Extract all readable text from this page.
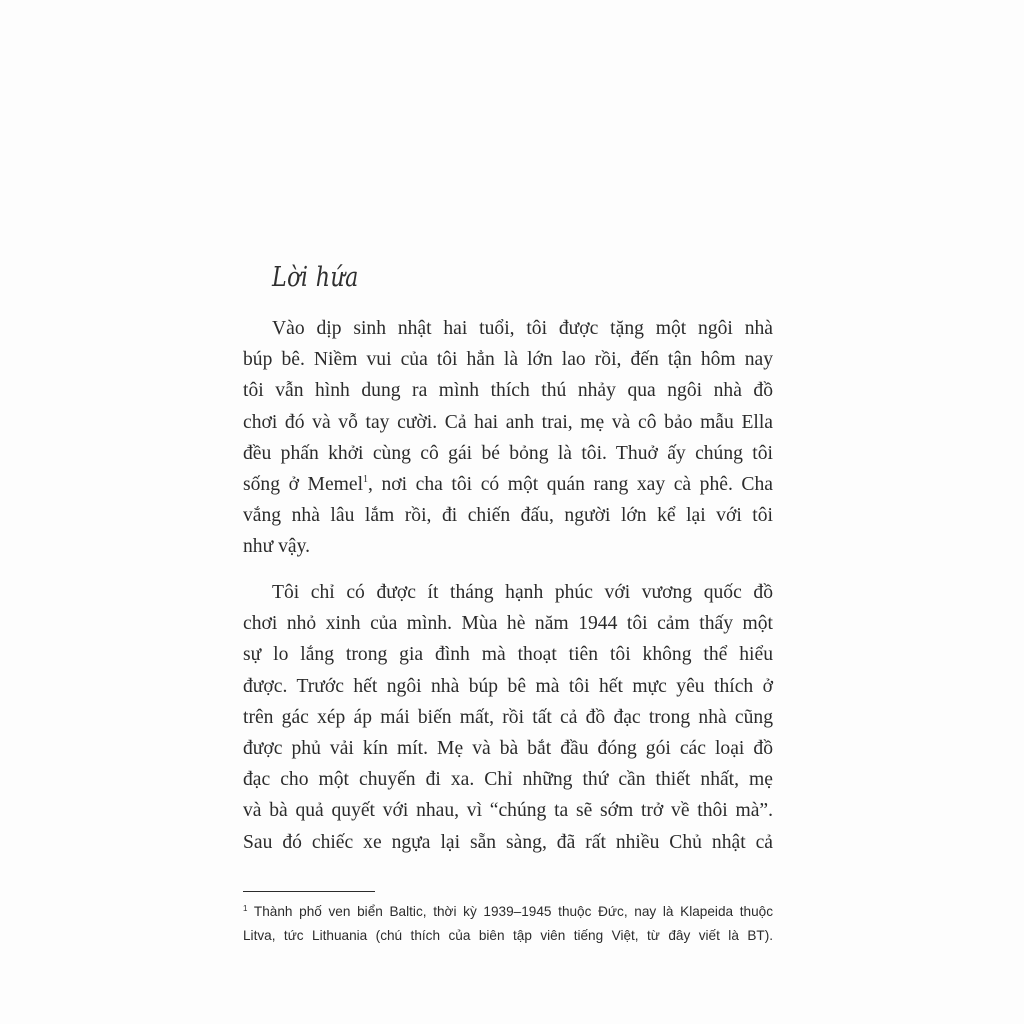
Lời hứa
Vào dịp sinh nhật hai tuổi, tôi được tặng một ngôi nhà
búp bê. Niềm vui của tôi hẳn là lớn lao rồi, đến tận hôm nay
tôi vẫn hình dung ra mình thích thú nhảy qua ngôi nhà đồ
chơi đó và vỗ tay cười. Cả hai anh trai, mẹ và cô bảo mẫu Ella
đều phấn khởi cùng cô gái bé bỏng là tôi. Thuở ấy chúng tôi
sống ở Memel$^1$, nơi cha tôi có một quán rang xay cà phê. Cha
vắng nhà lâu lắm rồi, đi chiến đấu, người lớn kể lại với tôi
như vậy.
Tôi chỉ có được ít tháng hạnh phúc với vương quốc đồ
chơi nhỏ xinh của mình. Mùa hè năm 1944 tôi cảm thấy một
sự lo lắng trong gia đình mà thoạt tiên tôi không thể hiểu
được. Trước hết ngôi nhà búp bê mà tôi hết mực yêu thích ở
trên gác xép áp mái biến mất, rồi tất cả đồ đạc trong nhà cũng
được phủ vải kín mít. Mẹ và bà bắt đầu đóng gói các loại đồ
đạc cho một chuyến đi xa. Chỉ những thứ cần thiết nhất, mẹ
và bà quả quyết với nhau, vì “chúng ta sẽ sớm trở về thôi mà”.
Sau đó chiếc xe ngựa lại sẵn sàng, đã rất nhiều Chủ nhật cả
$^1$ Thành phố ven biển Baltic, thời kỳ 1939–1945 thuộc Đức, nay là Klapeida thuộc
Litva, tức Lithuania (chú thích của biên tập viên tiếng Việt, từ đây viết là BT).
